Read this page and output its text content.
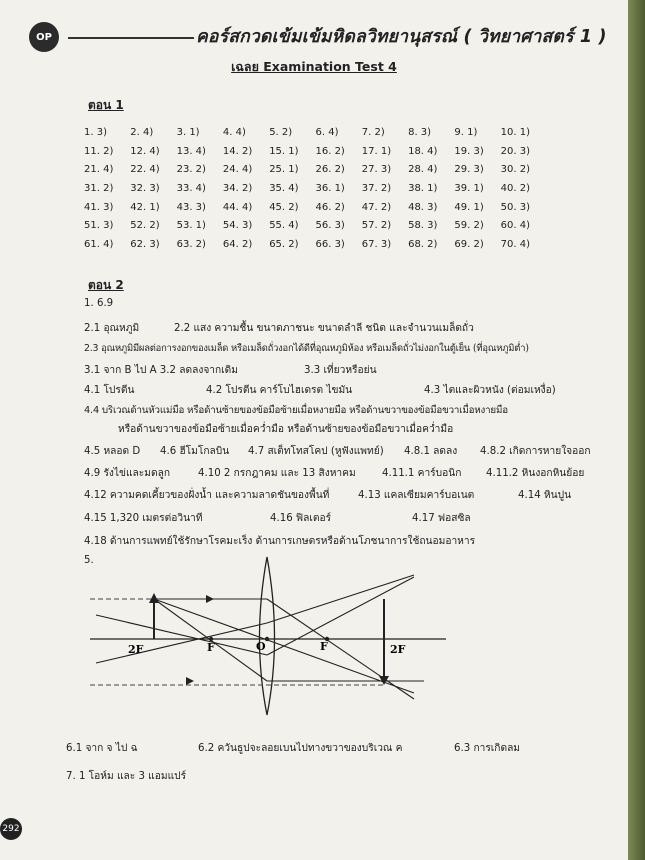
OP	คอร์สกวดเข้มเข้มหิดลวิทยานุสรณ์ ( วิทยาศาสตร์ 1 )
เฉลย Examination Test 4
ตอน 1
1. 3)	2. 4)	3. 1)	4. 4)	5. 2)	6. 4)	7. 2)	8. 3)	9. 1)	10. 1)
11. 2)	12. 4)	13. 4)	14. 2)	15. 1)	16. 2)	17. 1)	18. 4)	19. 3)	20. 3)
21. 4)	22. 4)	23. 2)	24. 4)	25. 1)	26. 2)	27. 3)	28. 4)	29. 3)	30. 2)
31. 2)	32. 3)	33. 4)	34. 2)	35. 4)	36. 1)	37. 2)	38. 1)	39. 1)	40. 2)
41. 3)	42. 1)	43. 3)	44. 4)	45. 2)	46. 2)	47. 2)	48. 3)	49. 1)	50. 3)
51. 3)	52. 2)	53. 1)	54. 3)	55. 4)	56. 3)	57. 2)	58. 3)	59. 2)	60. 4)
61. 4)	62. 3)	63. 2)	64. 2)	65. 2)	66. 3)	67. 3)	68. 2)	69. 2)	70. 4)
ตอน 2
1. 6.9
2.1 อุณหภูมิ	2.2 แสง ความชื้น ขนาดภาชนะ ขนาดลำลี ชนิด และจำนวนเมล็ดถั่ว
2.3 อุณหภูมิมีผลต่อการงอกของเมล็ด หรือเมล็ดถั่วงอกได้ดีที่อุณหภูมิห้อง หรือเมล็ดถั่วไม่งอกในตู้เย็น (ที่อุณหภูมิต่ำ)
3.1 จาก B ไป A 3.2 ลดลงจากเดิม	3.3 เที่ยวหรือย่น
4.1 โปรตีน	4.2 โปรตีน คาร์โบไฮเดรต ไขมัน	4.3 ไตและผิวหนัง (ต่อมเหงื่อ)
4.4 บริเวณด้านหัวแม่มือ หรือด้านซ้ายของข้อมือซ้ายเมื่อหงายมือ หรือด้านขวาของข้อมือขวาเมื่อหงายมือ
หรือด้านขวาของข้อมือซ้ายเมื่อคว่ำมือ หรือด้านซ้ายของข้อมือขวาเมื่อคว่ำมือ
4.5 หลอด D 4.6 ฮีโมโกลบิน 4.7 สเต็ทโทสโคป (หูฟังแพทย์) 4.8.1 ลดลง 4.8.2 เกิดการหายใจออก
4.9 รังไข่และมดลูก	4.10 2 กรกฎาคม และ 13 สิงหาคม	4.11.1 คาร์บอนิก 4.11.2 หินงอกหินย้อย
4.12 ความคดเคี้ยวของฝั่งน้ำ และความลาดชันของพื้นที่	4.13 แคลเซียมคาร์บอเนต	4.14 หินปูน
4.15 1,320 เมตรต่อวินาที	4.16 ฟิลเตอร์	4.17 ฟอสซิล
4.18 ด้านการแพทย์ใช้รักษาโรคมะเร็ง ด้านการเกษตรหรือด้านโภชนาการใช้ถนอมอาหาร
5.
2F	F	O	F	2F
6.1 จาก จ ไป ฉ	6.2 ควันธูปจะลอยเบนไปทางขวาของบริเวณ ค	6.3 การเกิดลม
7. 1 โอห์ม และ 3 แอมแปร์
292
